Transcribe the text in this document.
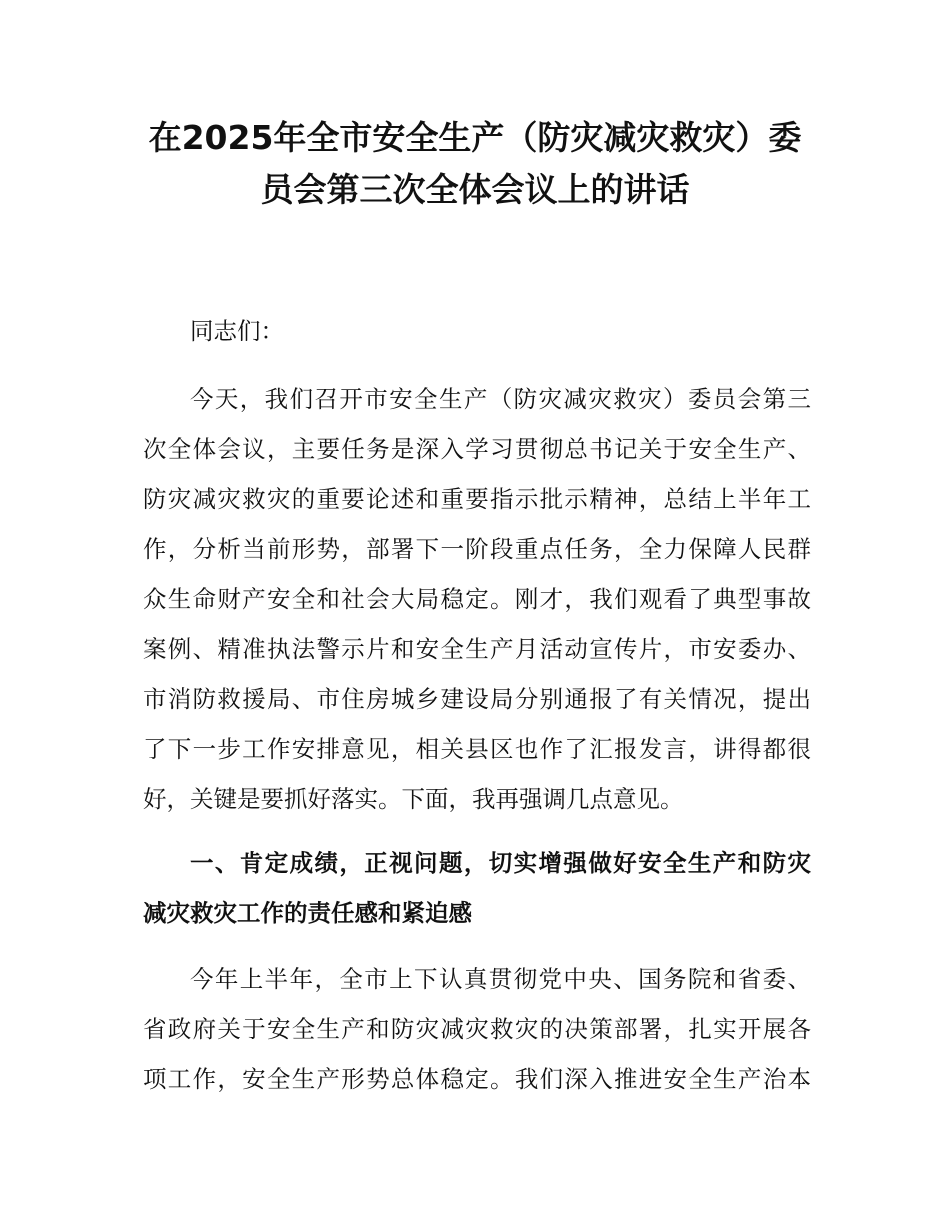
在2025年全市安全生产（防灾减灾救灾）委
员会第三次全体会议上的讲话

同志们：

今天，我们召开市安全生产（防灾减灾救灾）委员会第三
次全体会议，主要任务是深入学习贯彻总书记关于安全生产、
防灾减灾救灾的重要论述和重要指示批示精神，总结上半年工
作，分析当前形势，部署下一阶段重点任务，全力保障人民群
众生命财产安全和社会大局稳定。刚才，我们观看了典型事故
案例、精准执法警示片和安全生产月活动宣传片，市安委办、
市消防救援局、市住房城乡建设局分别通报了有关情况，提出
了下一步工作安排意见，相关县区也作了汇报发言，讲得都很
好，关键是要抓好落实。下面，我再强调几点意见。

一、肯定成绩，正视问题，切实增强做好安全生产和防灾
减灾救灾工作的责任感和紧迫感

今年上半年，全市上下认真贯彻党中央、国务院和省委、
省政府关于安全生产和防灾减灾救灾的决策部署，扎实开展各
项工作，安全生产形势总体稳定。我们深入推进安全生产治本
